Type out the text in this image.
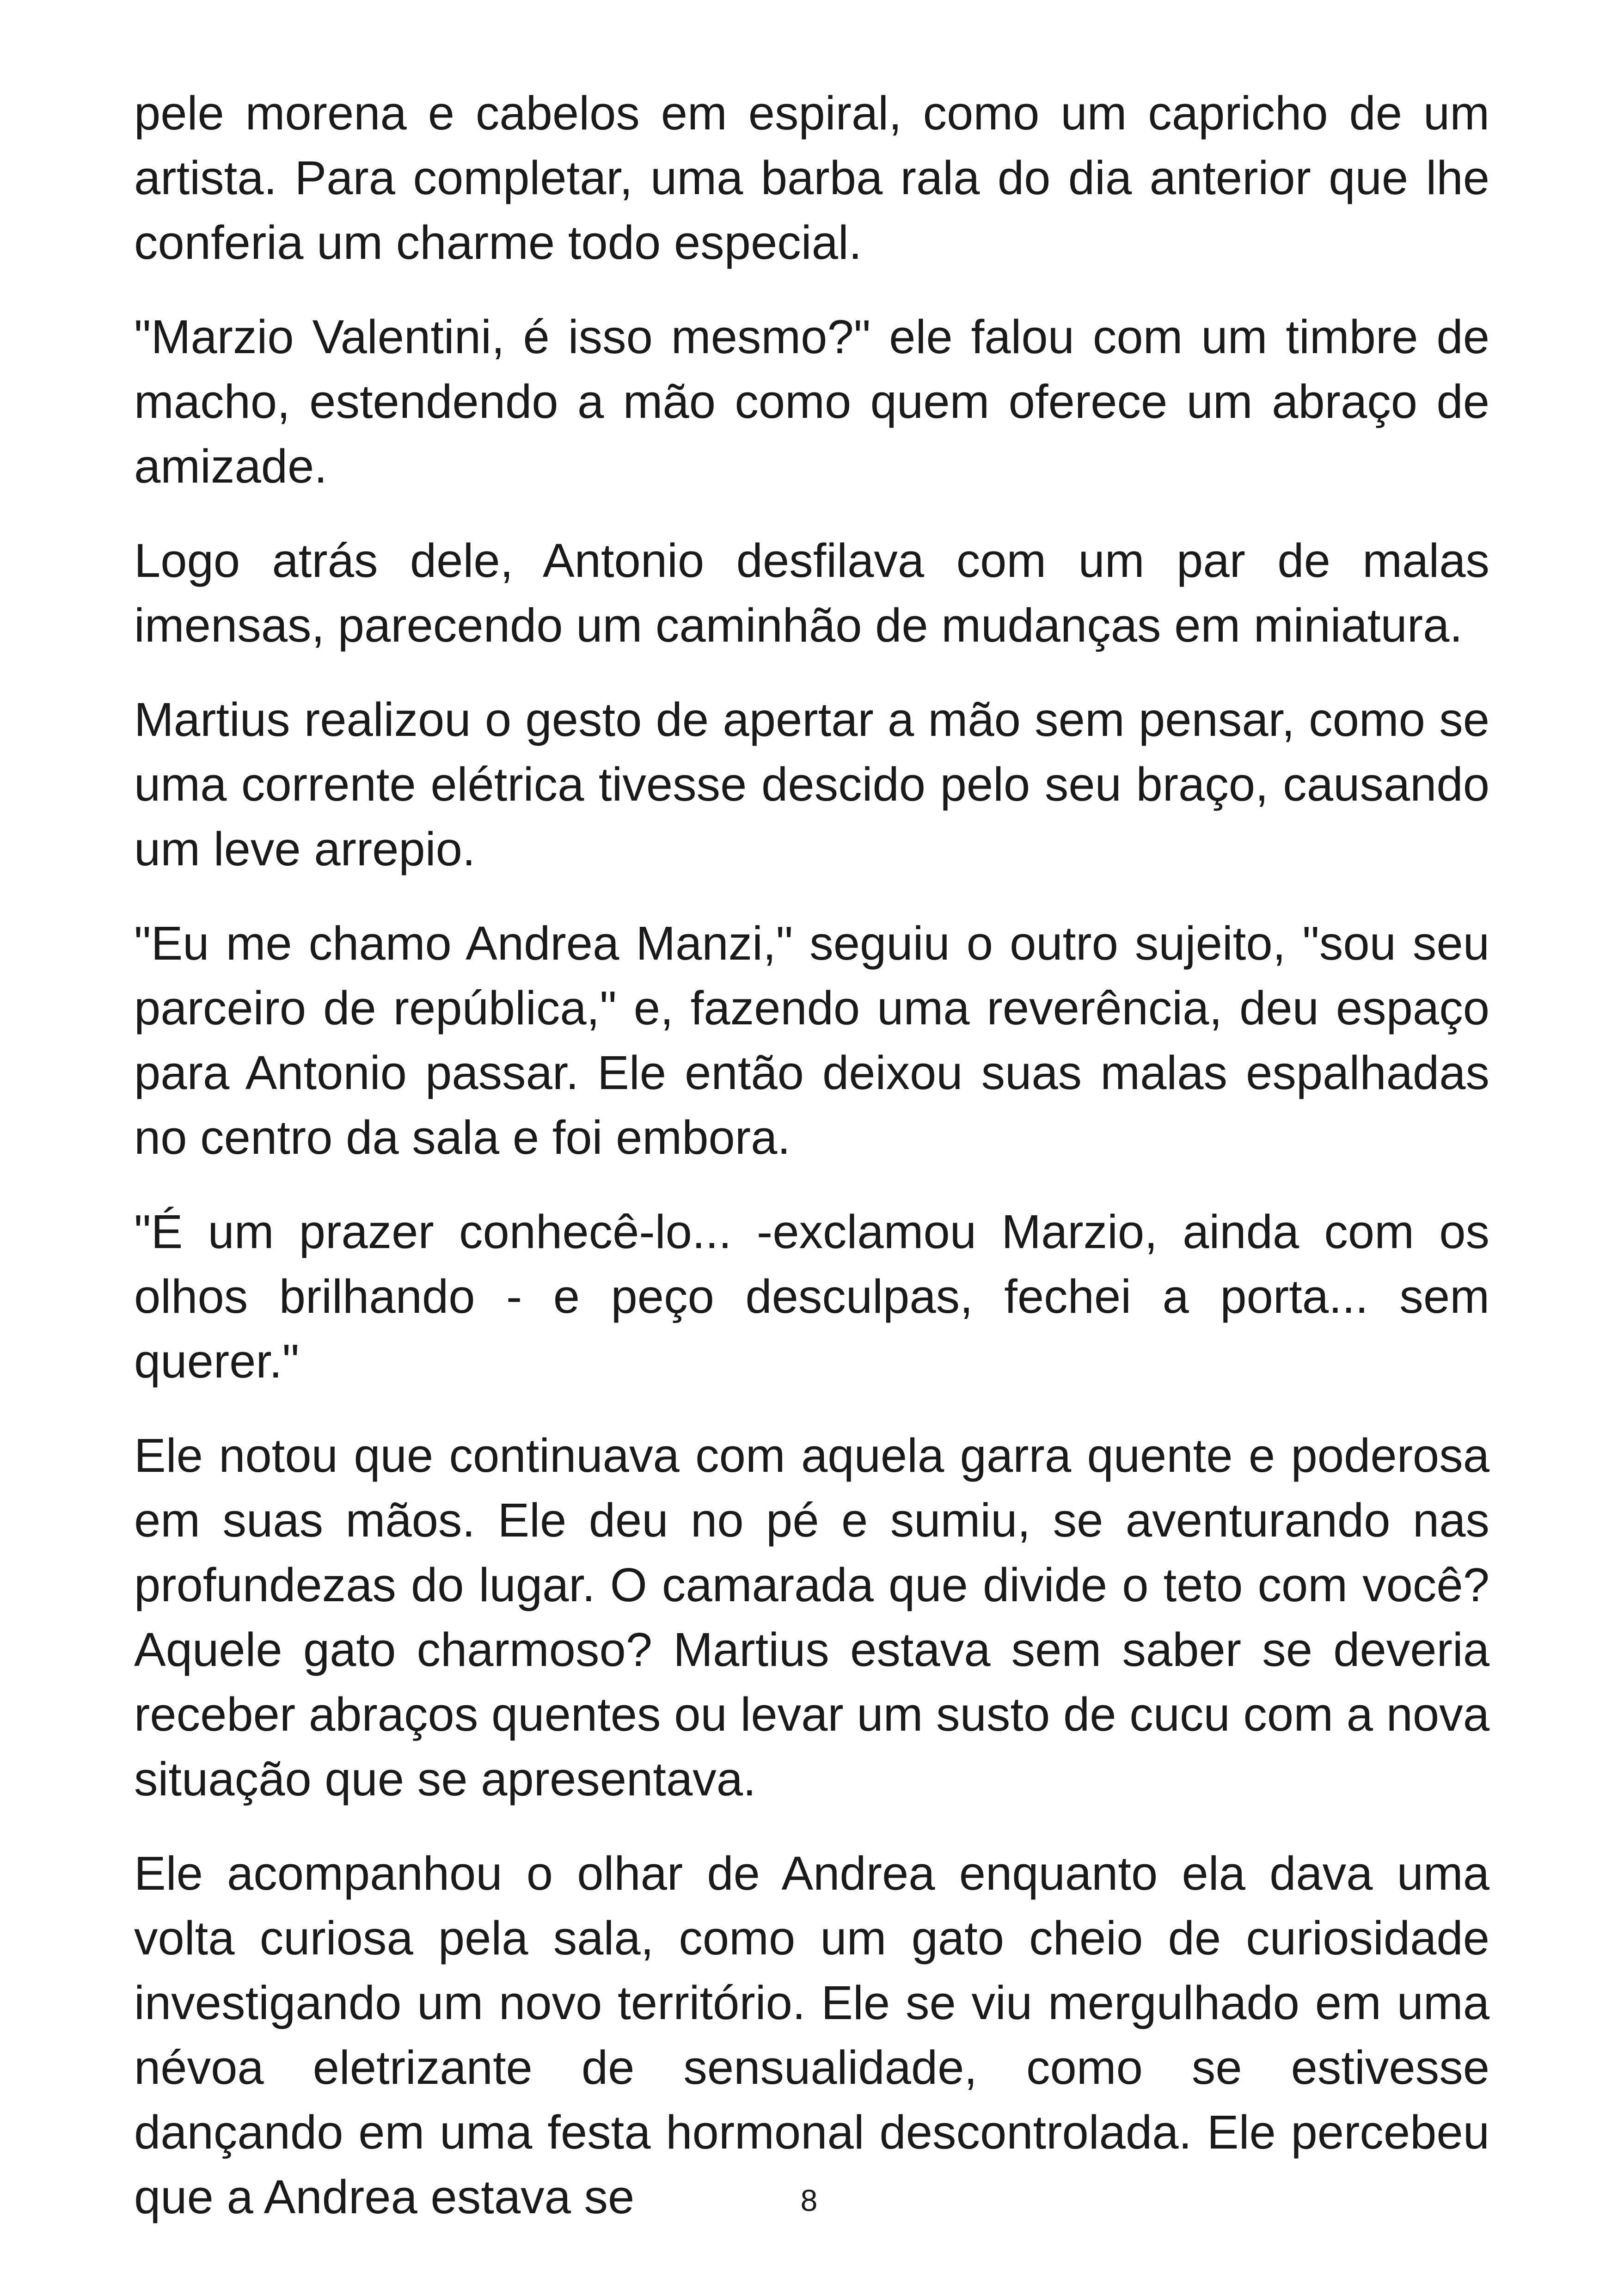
pele morena e cabelos em espiral, como um capricho de um artista. Para completar, uma barba rala do dia anterior que lhe conferia um charme todo especial.

"Marzio Valentini, é isso mesmo?" ele falou com um timbre de macho, estendendo a mão como quem oferece um abraço de amizade.

Logo atrás dele, Antonio desfilava com um par de malas imensas, parecendo um caminhão de mudanças em miniatura.

Martius realizou o gesto de apertar a mão sem pensar, como se uma corrente elétrica tivesse descido pelo seu braço, causando um leve arrepio.

"Eu me chamo Andrea Manzi," seguiu o outro sujeito, "sou seu parceiro de república," e, fazendo uma reverência, deu espaço para Antonio passar. Ele então deixou suas malas espalhadas no centro da sala e foi embora.

"É um prazer conhecê-lo... -exclamou Marzio, ainda com os olhos brilhando - e peço desculpas, fechei a porta... sem querer."

Ele notou que continuava com aquela garra quente e poderosa em suas mãos. Ele deu no pé e sumiu, se aventurando nas profundezas do lugar. O camarada que divide o teto com você? Aquele gato charmoso? Martius estava sem saber se deveria receber abraços quentes ou levar um susto de cucu com a nova situação que se apresentava.

Ele acompanhou o olhar de Andrea enquanto ela dava uma volta curiosa pela sala, como um gato cheio de curiosidade investigando um novo território. Ele se viu mergulhado em uma névoa eletrizante de sensualidade, como se estivesse dançando em uma festa hormonal descontrolada. Ele percebeu que a Andrea estava se	8
